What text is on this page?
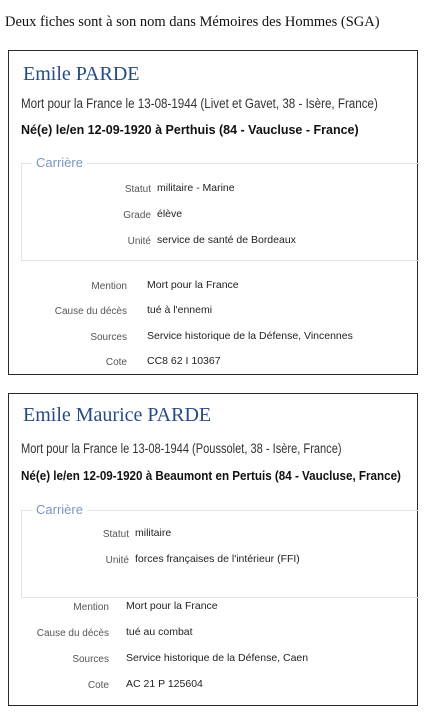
Deux fiches sont à son nom dans Mémoires des Hommes (SGA)
Emile PARDE
Mort pour la France le 13-08-1944 (Livet et Gavet, 38 - Isère, France)
Né(e) le/en 12-09-1920 à Perthuis (84 - Vaucluse - France)
Carrière
Statut militaire - Marine
Grade élève
Unité service de santé de Bordeaux
Mention Mort pour la France
Cause du décès tué à l'ennemi
Sources Service historique de la Défense, Vincennes
Cote CC8 62 I 10367
Emile Maurice PARDE
Mort pour la France le 13-08-1944 (Poussolet, 38 - Isère, France)
Né(e) le/en 12-09-1920 à Beaumont en Pertuis (84 - Vaucluse, France)
Carrière
Statut militaire
Unité forces françaises de l'intérieur (FFI)
Mention Mort pour la France
Cause du décès tué au combat
Sources Service historique de la Défense, Caen
Cote AC 21 P 125604
